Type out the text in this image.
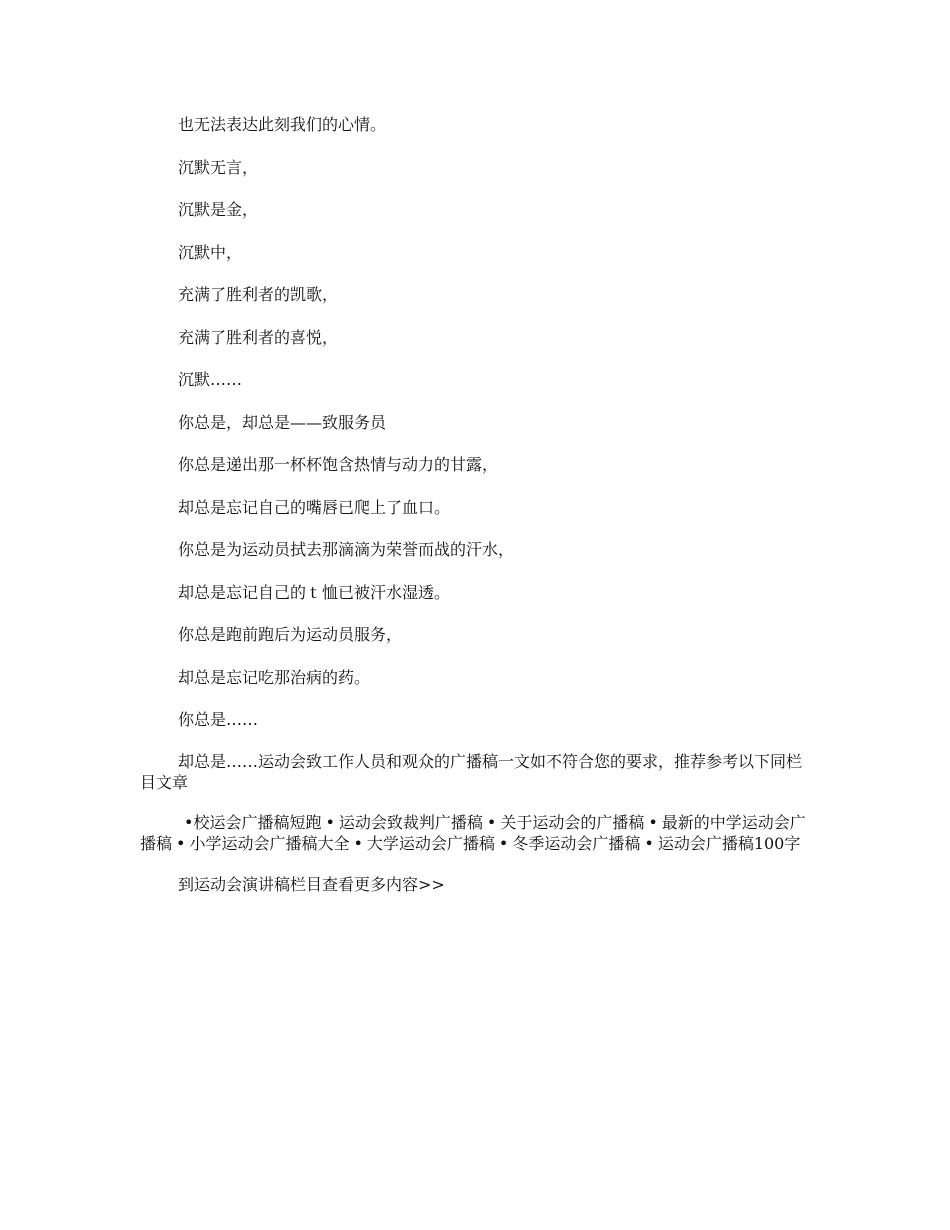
也无法表达此刻我们的心情。

沉默无言，

沉默是金，

沉默中，

充满了胜利者的凯歌，

充满了胜利者的喜悦，

沉默……

你总是，却总是——致服务员

你总是递出那一杯杯饱含热情与动力的甘露，

却总是忘记自己的嘴唇已爬上了血口。

你总是为运动员拭去那滴滴为荣誉而战的汗水，

却总是忘记自己的ｔ恤已被汗水湿透。

你总是跑前跑后为运动员服务，

却总是忘记吃那治病的药。

你总是……

却总是……运动会致工作人员和观众的广播稿一文如不符合您的要求，推荐参考以下同栏目文章

•校运会广播稿短跑 • 运动会致裁判广播稿 • 关于运动会的广播稿 • 最新的中学运动会广播稿 • 小学运动会广播稿大全 • 大学运动会广播稿 • 冬季运动会广播稿 • 运动会广播稿100字

到运动会演讲稿栏目查看更多内容>>
